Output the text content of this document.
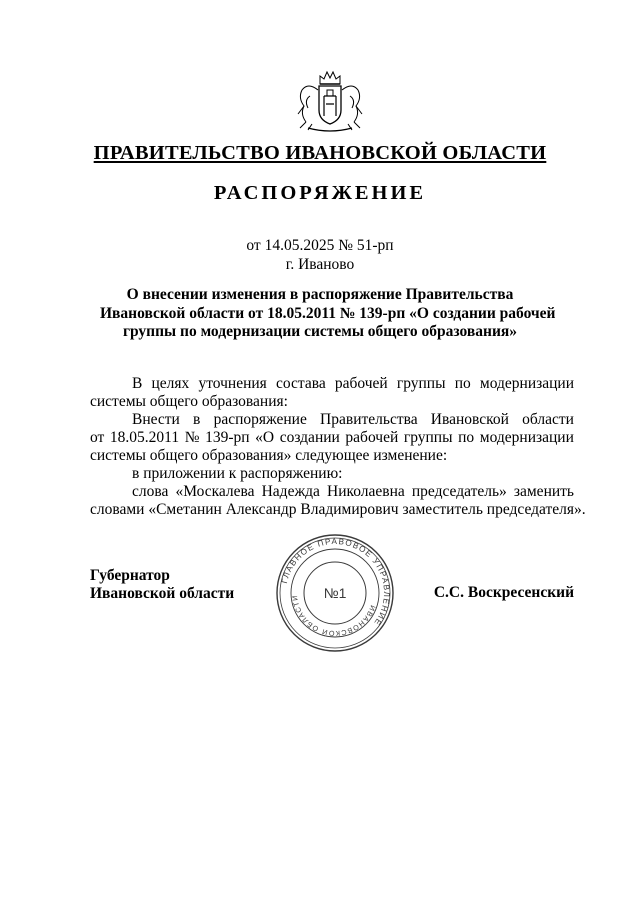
ПРАВИТЕЛЬСТВО ИВАНОВСКОЙ ОБЛАСТИ
РАСПОРЯЖЕНИЕ
от 14.05.2025 № 51-рп
г. Иваново
О внесении изменения в распоряжение Правительства
Ивановской области от 18.05.2011 № 139-рп «О создании рабочей
группы по модернизации системы общего образования»
В целях уточнения состава рабочей группы по модернизации
системы общего образования:
Внести в распоряжение Правительства Ивановской области
от 18.05.2011 № 139-рп «О создании рабочей группы по модернизации
системы общего образования» следующее изменение:
в приложении к распоряжению:
слова «Москалева Надежда Николаевна председатель» заменить
словами «Сметанин Александр Владимирович заместитель председателя».
Губернатор
Ивановской области
ГЛАВНОЕ ПРАВОВОЕ УПРАВЛЕНИЕ
ИВАНОВСКОЙ ОБЛАСТИ	№1	С.С. Воскресенский
